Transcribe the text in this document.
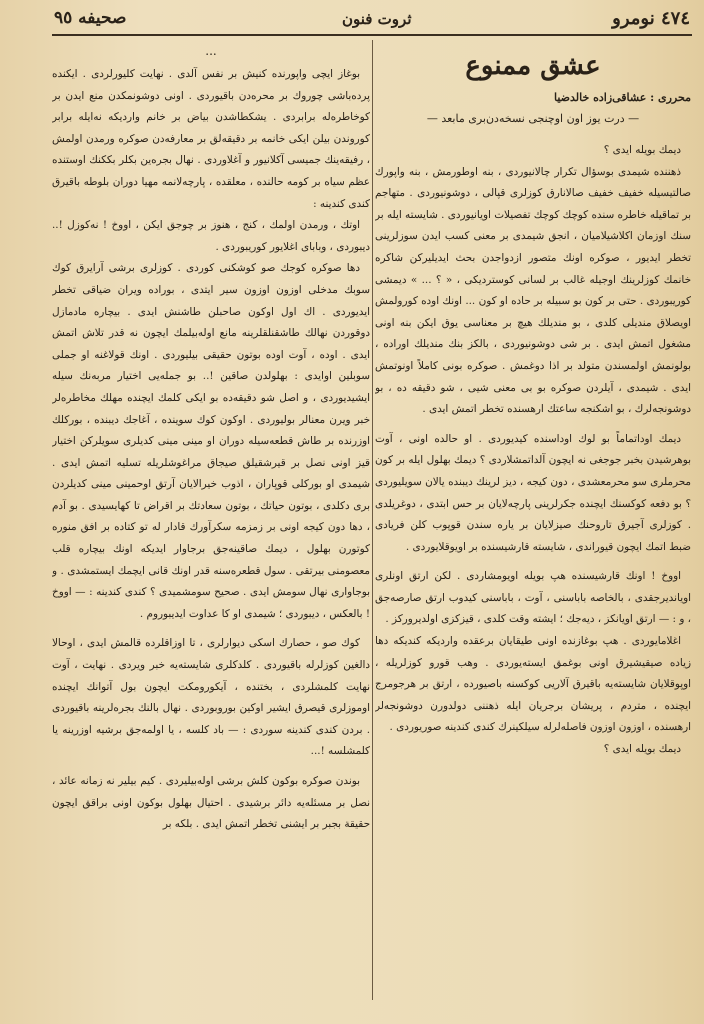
٤٧٤ نومرو
ثروت فنون
صحیفه ٩٥
عشق ممنوع
محرری : عشاقی‌زاده خالدضیا
— درت یوز اون اوچنجی نسخه‌دن‌بری مابعد —

دیمك بویله ایدی ؟

ذهننده شیمدی بوسؤال تكرار چالانیوردی ، بنه اوطورمش ، بنه واپورك صالتیسیله خفیف خفیف صالانارق كوزلری قپالی ، دوشونیوردی . متهاجم بر تماقیله خاطره سنده كوچك كوچك تفصیلات اویانیوردی . شایسته ایله بر سنك اوزمان اكلاشیلامیان ، انجق شیمدی بر معنی كسب ایدن سوزلرینی تخطر ایدیور ، صوكره اونك متصور ازدواجدن بحث ایدیلیركن شاكره خانمك كوزلرینك اوجیله غالب بر لسانی كوستردیكی ، « ؟ ... » دیمشی كوریبوردی . حتی بر كون بو سبیله بر حاده او كون ... اونك اوده كورولمش اویصلاق مندیلی كلدی ، بو مندیلك هیچ بر معناسی یوق ایكن بنه اونی مشغول اتمش ایدی . بر شی دوشونیوردی ، بالكز بنك مندیلك اوراده ، بولونمش اولمسندن متولد بر اذا دوغمش . صوكره بونی كاملاً اونوتمش ایدی . شیمدی ، آیلردن صوكره بو بی معنی شیی ، شو دقیقه ده ، بو دوشونجه‌لرك ، بو اشكنجه ساعتك ارهسنده تخطر اتمش ایدی .

دیمك اوداتماماً بو لوك اوداسنده كیدیوردی . او حالده اونی ، آوت بوهرشیدن بخبر جوجغی نه ایچون آلداتمشلاردی ؟ دیمك بهلول ایله بر كون محرملری سو محرمعشدی ، دون كیجه ، دیز لرینك دیبنده یالان سویلیوردی ؟ بو دفعه كوكسنك ایچنده جكرلرینی پارچه‌لایان بر حس ابتدی ، دوغریلدی . كوزلری آجیرق تاروحنك صیزلایان بر یاره سندن قوپوب كلن فریادی ضبط اتمك ایچون قیوراندی ، شایسته قارشیسنده بر اویوقلایوردی .

اووخ ! اونك قارشیسنده هپ بویله اویومشاردی . لكن ارتق اونلری اویاندیرجقدی ، بالخاصه باباسنی ، آوت ، باباسنی كیدوب ارتق صارصه‌جق ، و : — ارتق اویانكز ، دیه‌جك ؛ ایشته وقت كلدی ، قیزكزی اولدیروركز .

اغلامایوردی . هپ بوغازنده اونی طیقایان برعقده واردیكه كندیكه دها زیاده صیقیشیرق اونی بوغمق ایسته‌یوردی . وهب قورو كوزلریله ، اوپوقلایان شایسته‌یه باقیرق آلاریی كوكسنه باصیورده ، ارتق بر هرجومرج ایچنده ، متردم ، پریشان برجریان ایله ذهننی دولدورن دوشونجه‌لر ارهسنده ، اوزون اوزون فاصله‌لرله سیلكینرك كندی كندینه صوریوردی .

دیمك بویله ایدی ؟

...

بوغاز ایچی واپورنده كنیش بر نفس آلدی . نهایت كلیورلردی . ایكنده پرده‌باشی چوروك بر محره‌دن باقیوردی . اونی دوشونمكدن منع ایدن بر كوخاطره‌له برابردی . یشكطاشدن بیاض بر خانم واردیكه نه‌ایله برابر كوروندن بیلن ایكی خانمه بر دقیقه‌لق بر معارفه‌دن صوكره ورمدن اولمش ، رفیقه‌ینك جمیسی آكلانیور و آغلاوردی . نهال بجره‌ین بكلر بككنك اوستنده عظم سیاه بر كومه حالنده ، معلقده ، پارچه‌لانمه مهیا دوران بلوطه باقیرق كندی كندینه :

اوتك ، ورمدن اولمك ، كنج ، هنوز بر چوجق ایكن ، اووخ ! نه‌كوزل !.. دیبوردی ، وبابای اغلایور كوریبوردی .

دها صوكره كوجك صو كوشكنی كوردی . كوزلری برشی آرایرق كوك سوبك مدخلی اوزون اوزون سیر ایتدی ، بوراده ویران ضیاقی تخطر ایدیوردی . اك اول اوكون صاحبلن طاشنش ایدی . بیچاره مادمازل دوقوردن نهالك طاشقنلقلرینه مانع اوله‌بیلمك ایچون نه قدر تلاش اتمش ایدی . اوده ، آوت اوده بوتون حقیقی بیلیوردی . اونك قولاغنه او جملی سوبلین اوایدی : بهلولدن صاقین !.. بو جمله‌یی اختیار مربه‌نك سیله ایشیدیوردی ، و اصل شو دقیقه‌ده بو ایكی كلمك ایچنده مهلك مخاطره‌لر خبر ویرن معنالر بولیوردی . اوكون كوك سوینده ، آغاجك دیبنده ، بوركلك اوزرنده بر طاش قطعه‌سیله دوران او مینی مینی كدیلری سویلركن اختیار قیز اونی نصل بر قیرشقیلق صیجاق مراغوشلریله تسلیه اتمش ایدی . شیمدی او بوركلی قوپاران ، اذوب خیرالایان آرتق اوحمینی مینی كدیلردن بری دكلدی ، بوتون حیاتك ، بوتون سعادتك بر اقراض تا كهایسیدی . بو آدم ، دها دون كیجه اونی بر زمزمه سكرآورك قادار له تو كتاده بر افق منوره كوتورن بهلول ، دیمك صاقینه‌جق برجاوار ایدیكه اونك بیچاره قلب معصومنی بیرتقی . سول قطعره‌سنه قدر اونك قانی ایچمك ایستمشدی . و بوجاواری نهال سومش ایدی . صحیح سومشمیدی ؟ كندی كندینه : — اووخ ! بالعكس ، دیبوردی ؛ شیمدی او كا عداوت ایدیبوروم .

كوك صو ، حصارك اسكی دیوارلری ، تا اوزاقلرده قالمش ایدی ، اوحالا دالغین كوزلرله باقیوردی . كلدكلری شایسته‌یه خبر ویردی . نهایت ، آوت نهایت كلمشلردی ، بختنده ، آیكورومكت ایچون بول آتوانك ایچنده اوموزلری قیصرق ایشیر اوكین بوروبوردی . نهال بالنك بجره‌لرینه باقیوردی . بردن كندی كندینه سوردی : — باد كلسه ، یا اولمه‌جق برشیه اوزرینه یا كلمشلسه !...

بوندن صوكره بوكون كلش برشی اوله‌بیلیردی . كیم بیلیر نه زمانه عائد ، نصل بر مسئله‌یه دائر برشیدی . احتیال بهلول بوكون اونی براقق ایچون حقیقة بجبر بر ایشنی تخطر اتمش ایدی . بلكه بر
